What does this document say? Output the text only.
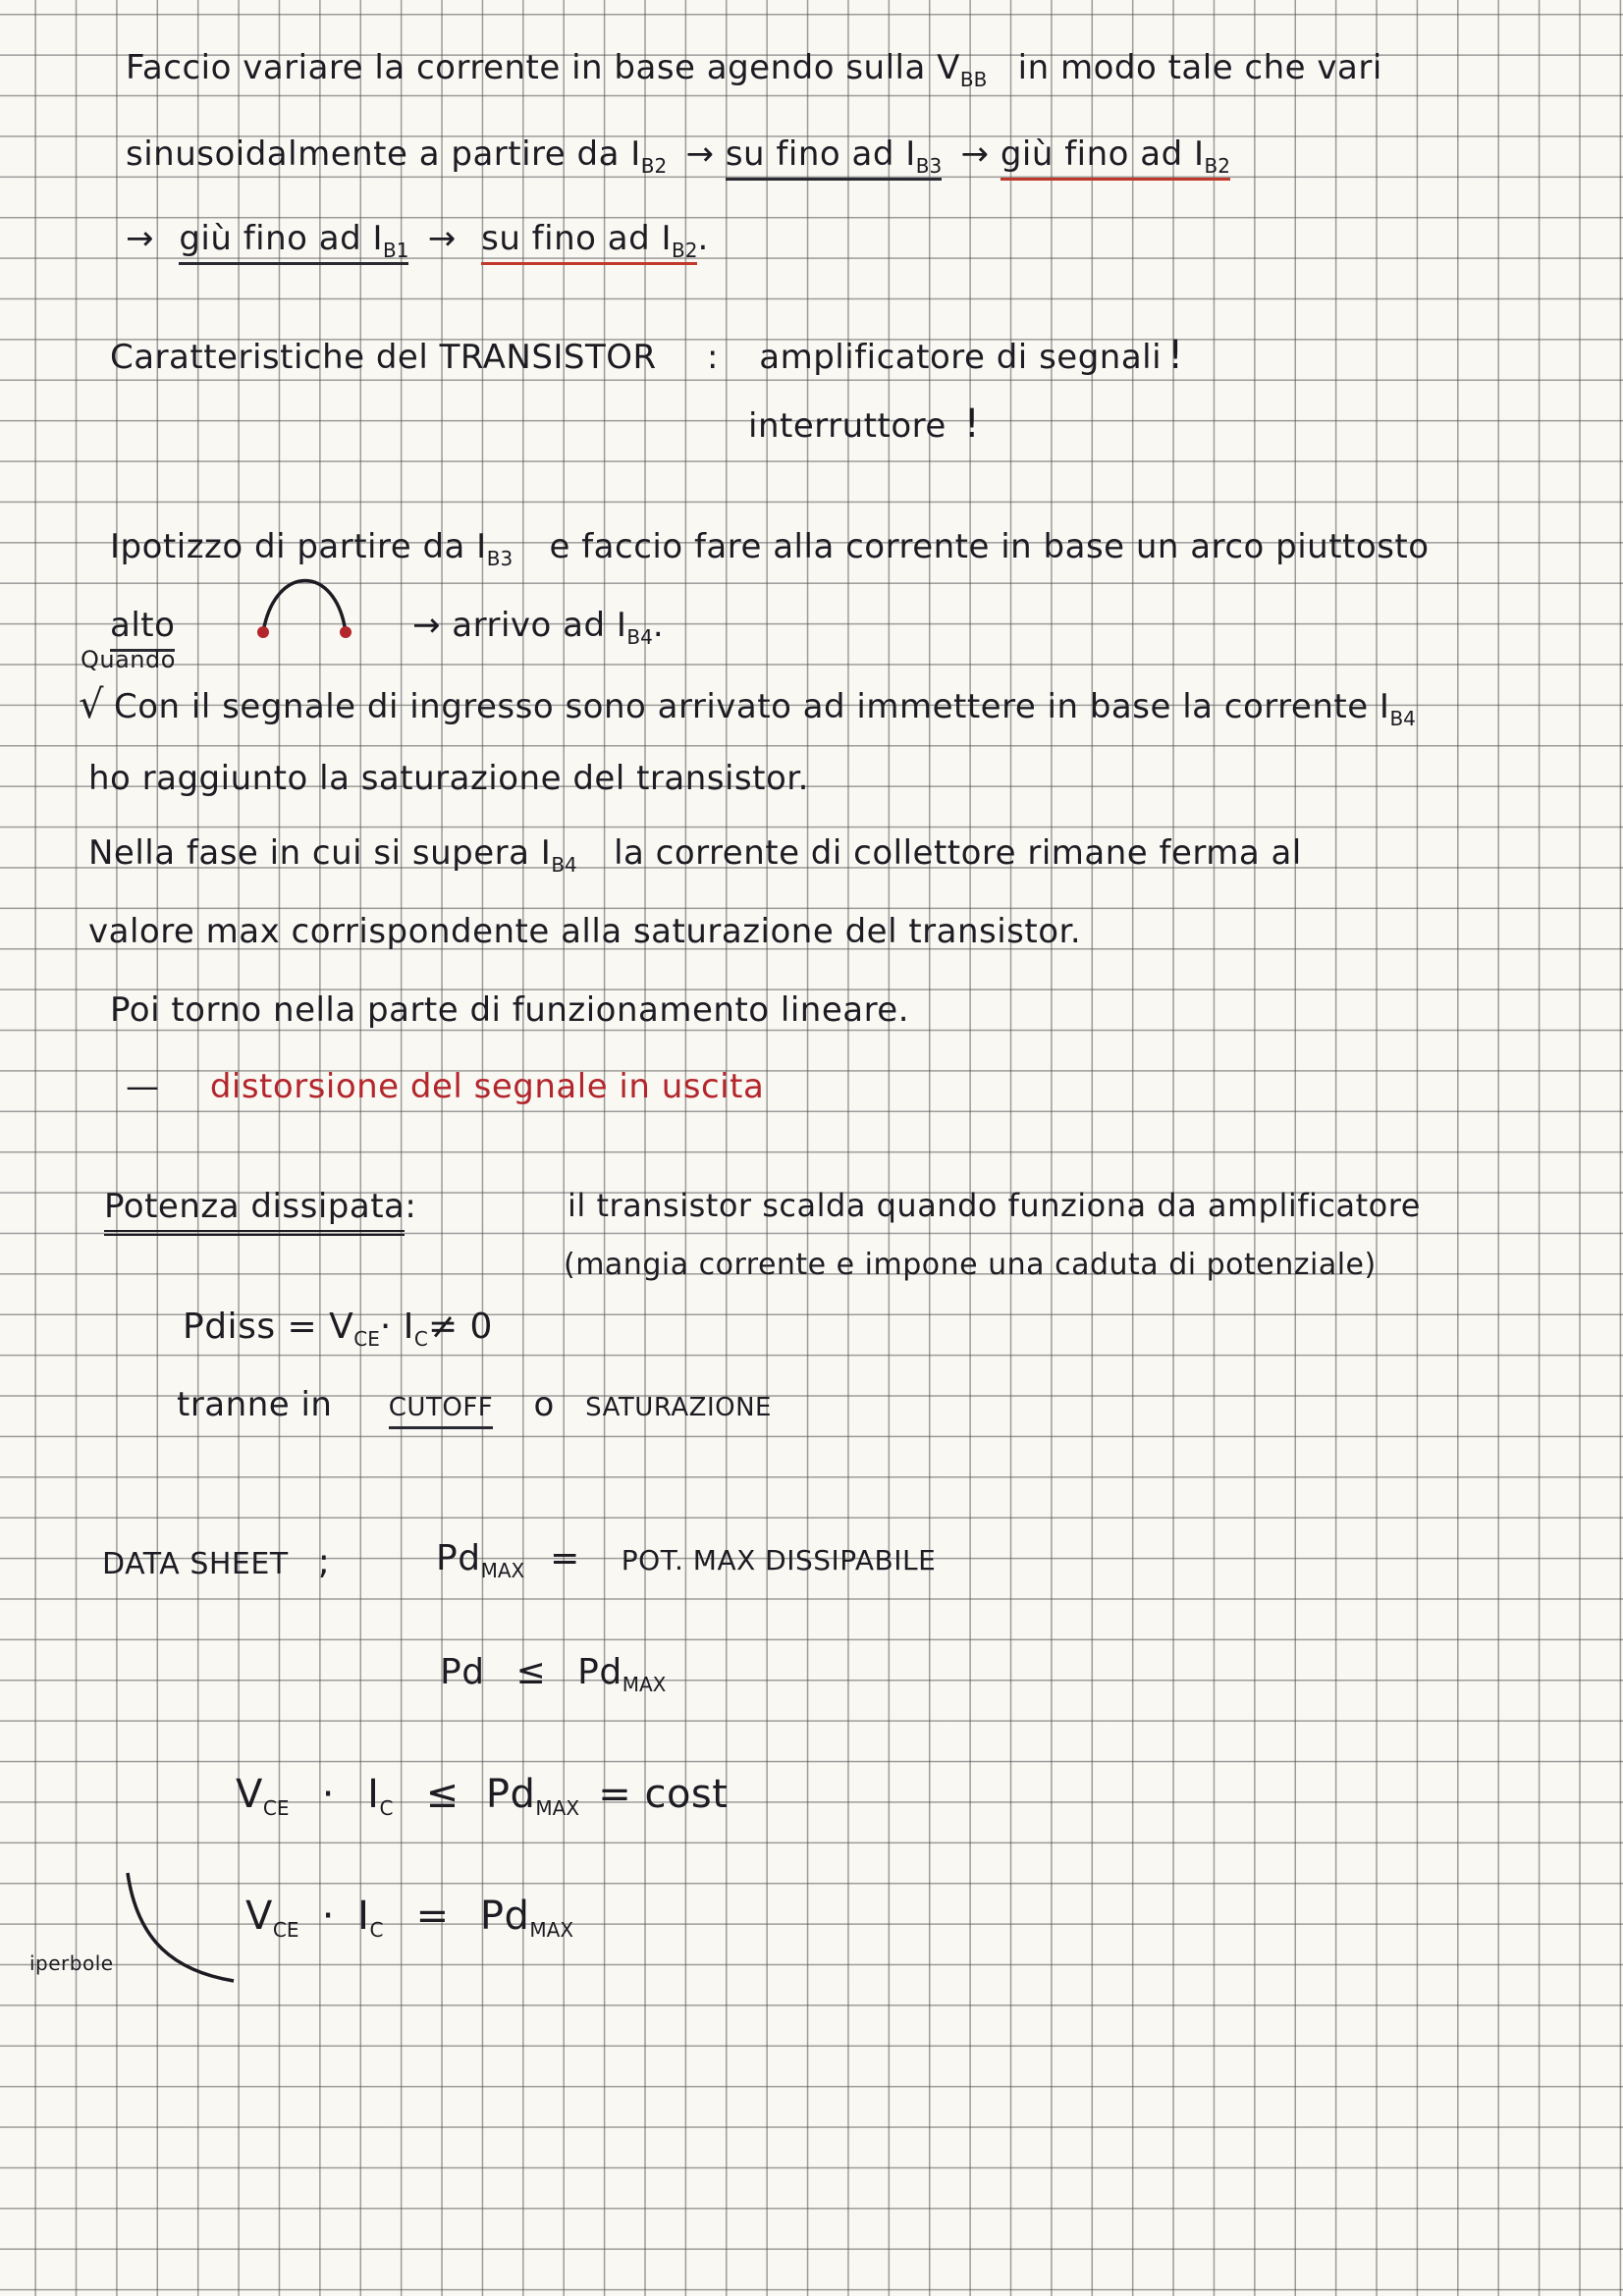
Faccio variare la corrente in base agendo sulla $V_{BB}$ in modo tale che vari
sinusoidalmente a partire da $I_{B2}$ → su fino ad $I_{B3}$ → giù fino ad $I_{B2}$
→ giù fino ad $I_{B1}$ → su fino ad $I_{B2}$.
Caratteristiche del TRANSISTOR : amplificatore di segnali !
interruttore !
Ipotizzo di partire da $I_{B3}$ e faccio fare alla corrente in base un arco piuttosto
alto	→ arrivo ad $I_{B4}$.
Quando
√ Con il segnale di ingresso sono arrivato ad immettere in base la corrente $I_{B4}$
ho raggiunto la saturazione del transistor.
Nella fase in cui si supera $I_{B4}$ la corrente di collettore rimane ferma al
valore max corrispondente alla saturazione del transistor.
Poi torno nella parte di funzionamento lineare.
— distorsione del segnale in uscita
Potenza dissipata:	il transistor scalda quando funziona da amplificatore
(mangia corrente e impone una caduta di potenziale)
Pdiss = $V_{CE}\cdot I_C\ne 0$
tranne in CUTOFF o SATURAZIONE
DATA SHEET ;	$Pd_{MAX}$ = POT. MAX DISSIPABILE
$Pd \le Pd_{MAX}$
$V_{CE} \cdot I_C \le Pd_{MAX} = \cos t$
$V_{CE} \cdot I_C = Pd_{MAX}$
iperbole
